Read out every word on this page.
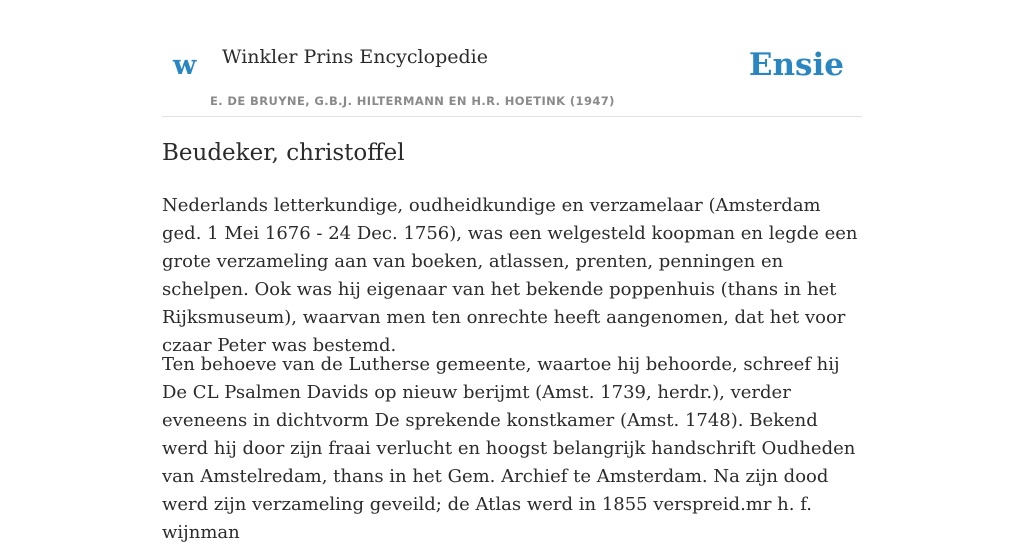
w Winkler Prins Encyclopedie
E. DE BRUYNE, G.B.J. HILTERMANN EN H.R. HOETINK (1947)
Ensie
Beudeker, christoffel

Nederlands letterkundige, oudheidkundige en verzamelaar (Amsterdam ged. 1 Mei 1676 - 24 Dec. 1756), was een welgesteld koopman en legde een grote verzameling aan van boeken, atlassen, prenten, penningen en schelpen. Ook was hij eigenaar van het bekende poppenhuis (thans in het Rijksmuseum), waarvan men ten onrechte heeft aangenomen, dat het voor czaar Peter was bestemd.

Ten behoeve van de Lutherse gemeente, waartoe hij behoorde, schreef hij De CL Psalmen Davids op nieuw berijmt (Amst. 1739, herdr.), verder eveneens in dichtvorm De sprekende konstkamer (Amst. 1748). Bekend werd hij door zijn fraai verlucht en hoogst belangrijk handschrift Oudheden van Amstelredam, thans in het Gem. Archief te Amsterdam. Na zijn dood werd zijn verzameling geveild; de Atlas werd in 1855 verspreid.mr h. f. wijnman
